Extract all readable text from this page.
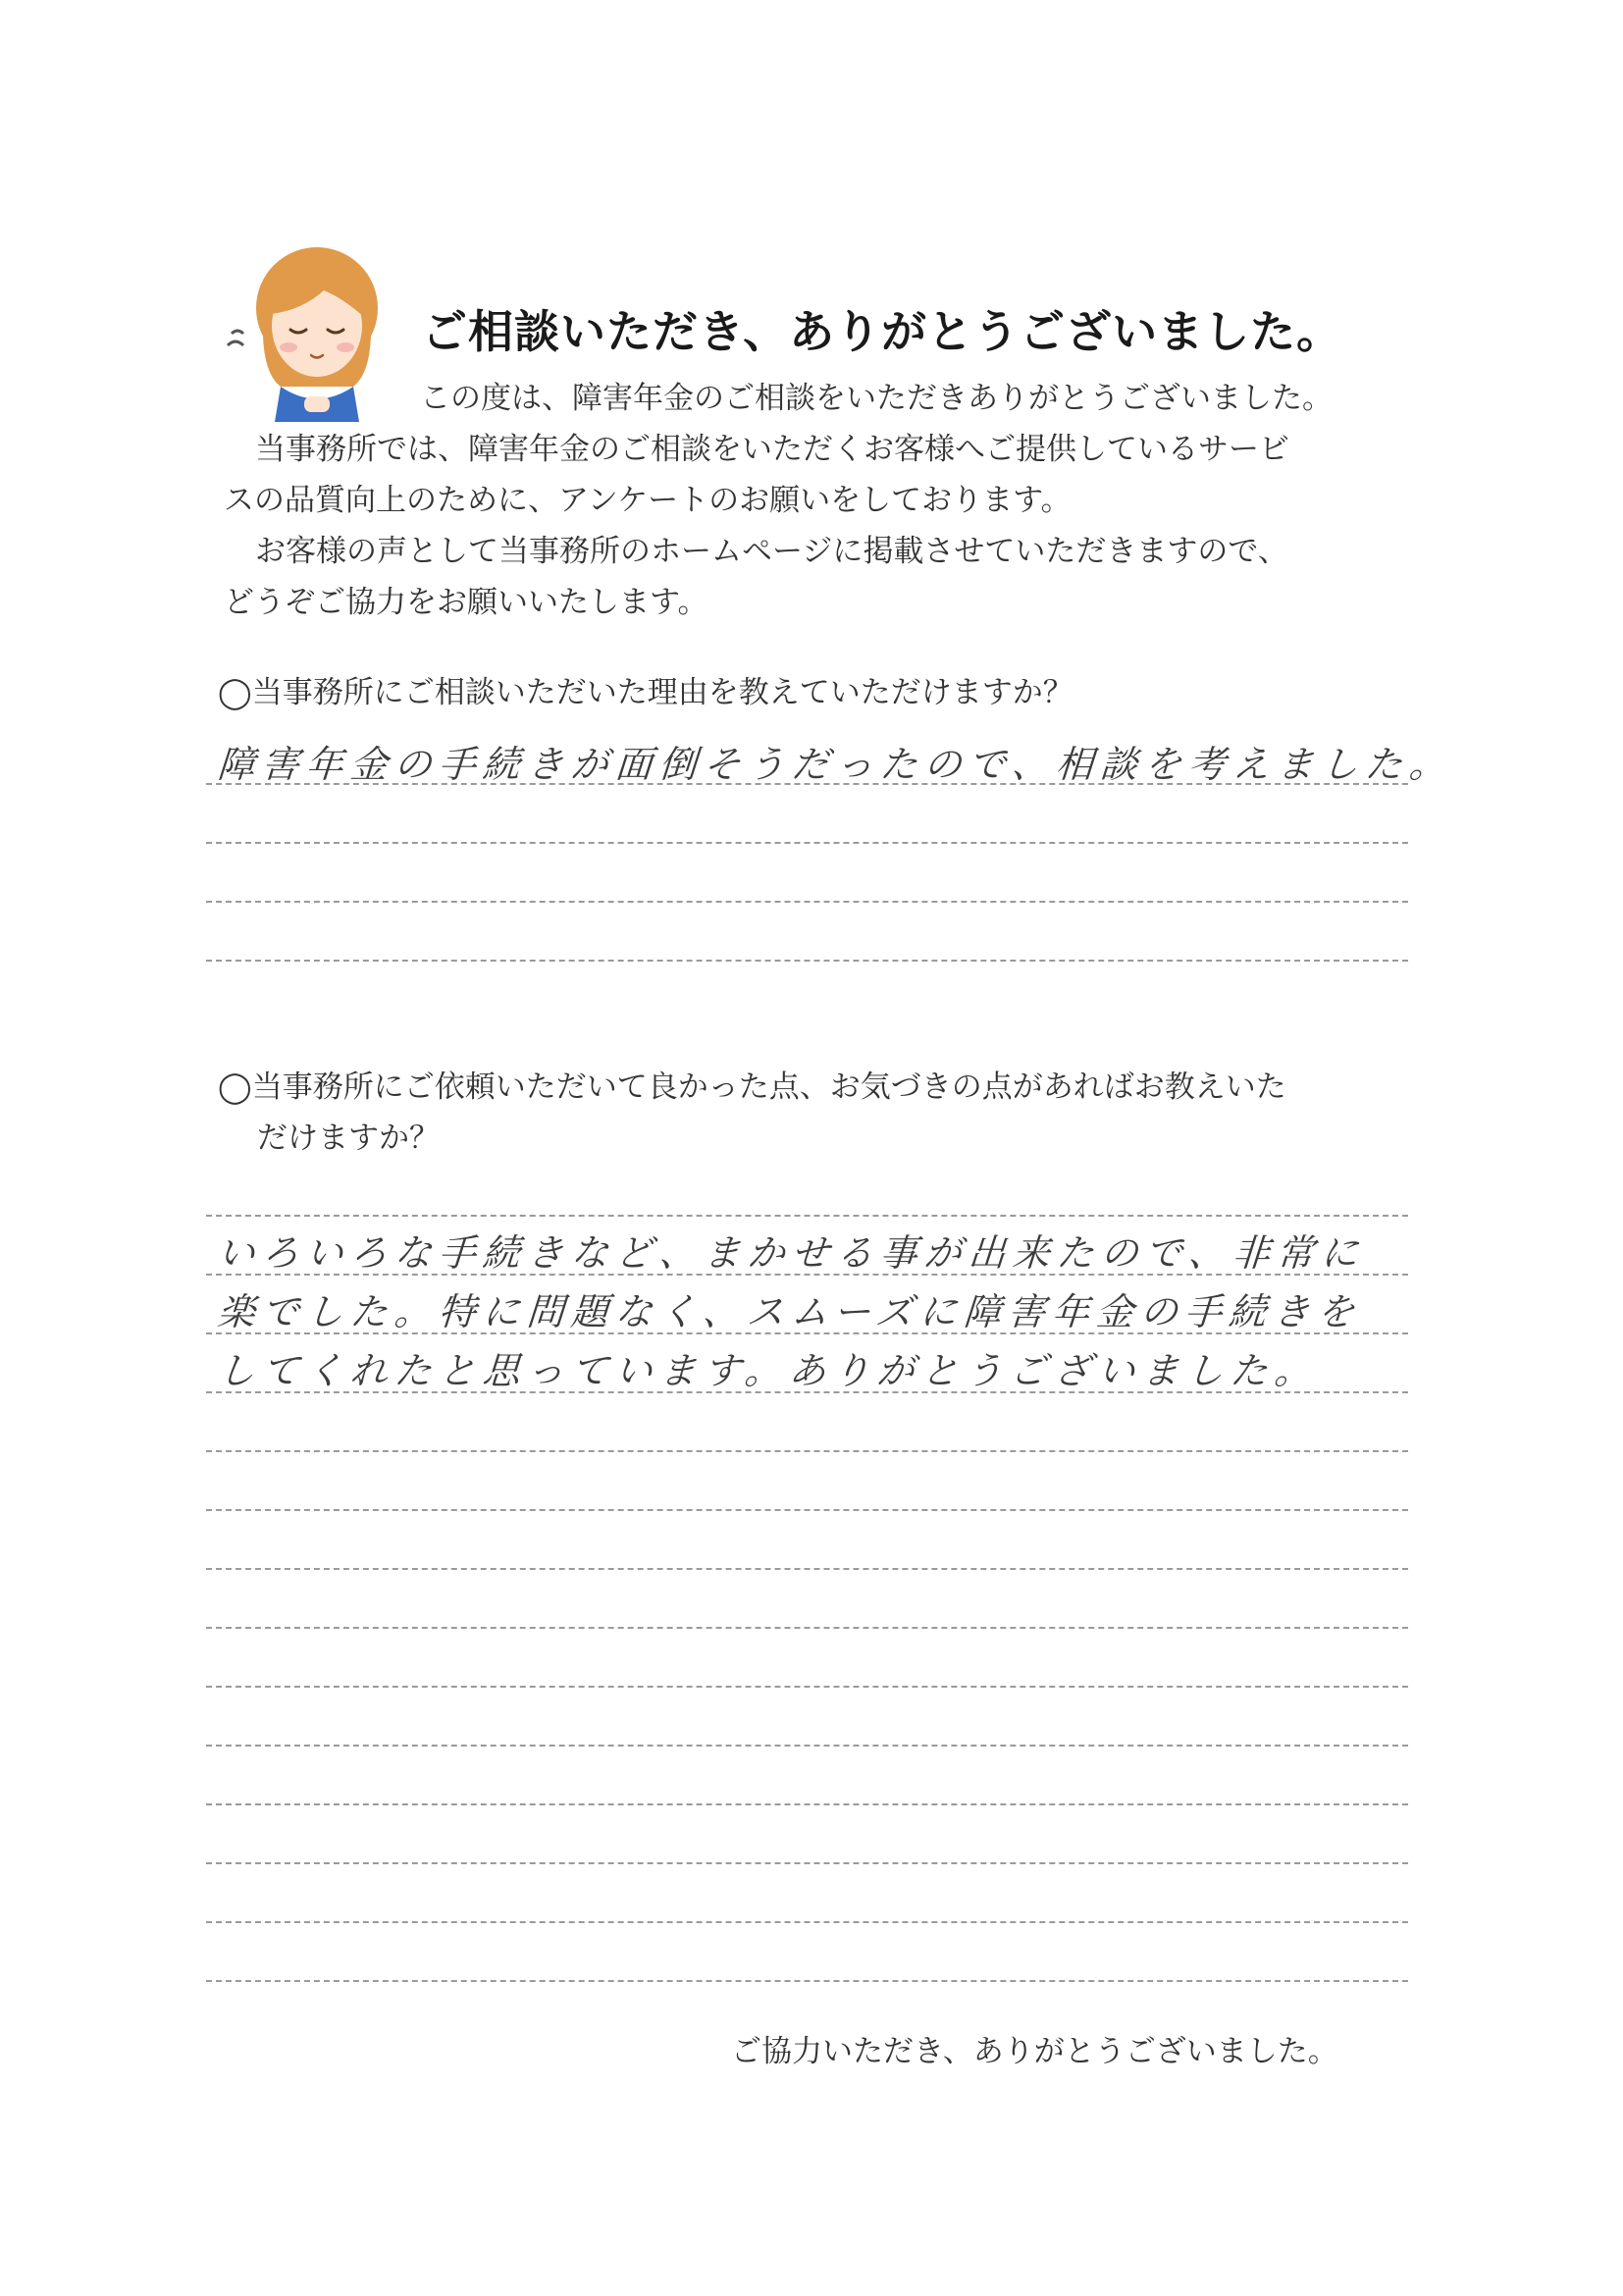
ご相談いただき、ありがとうございました。

この度は、障害年金のご相談をいただきありがとうございました。

当事務所では、障害年金のご相談をいただくお客様へご提供しているサービ

スの品質向上のために、アンケートのお願いをしております。

お客様の声として当事務所のホームページに掲載させていただきますので、

どうぞご協力をお願いいたします。

◯当事務所にご相談いただいた理由を教えていただけますか？

障害年金の手続きが面倒そうだったので、相談を考えました。

◯当事務所にご依頼いただいて良かった点、お気づきの点があればお教えいた

だけますか？

いろいろな手続きなど、まかせる事が出来たので、非常に
楽でした。特に問題なく、スムーズに障害年金の手続きを
してくれたと思っています。ありがとうございました。
ご協力いただき、ありがとうございました。
